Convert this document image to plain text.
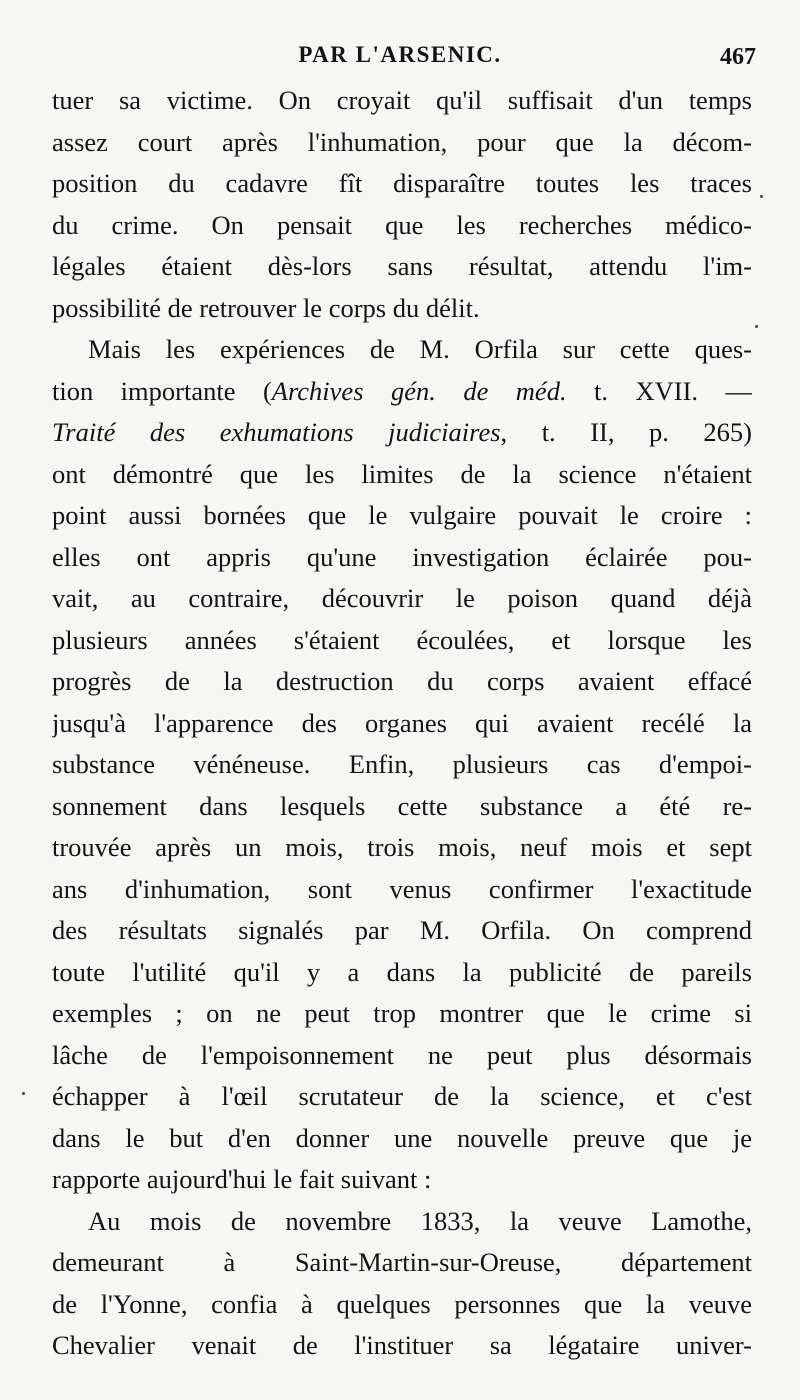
PAR L'ARSENIC.	467
tuer sa victime. On croyait qu'il suffisait d'un temps
assez court après l'inhumation, pour que la décom-
position du cadavre fît disparaître toutes les traces
du crime. On pensait que les recherches médico-
légales étaient dès-lors sans résultat, attendu l'im-
possibilité de retrouver le corps du délit.
Mais les expériences de M. Orfila sur cette ques-
tion importante (Archives gén. de méd. t. XVII. —
Traité des exhumations judiciaires, t. II, p. 265)
ont démontré que les limites de la science n'étaient
point aussi bornées que le vulgaire pouvait le croire :
elles ont appris qu'une investigation éclairée pou-
vait, au contraire, découvrir le poison quand déjà
plusieurs années s'étaient écoulées, et lorsque les
progrès de la destruction du corps avaient effacé
jusqu'à l'apparence des organes qui avaient recélé la
substance vénéneuse. Enfin, plusieurs cas d'empoi-
sonnement dans lesquels cette substance a été re-
trouvée après un mois, trois mois, neuf mois et sept
ans d'inhumation, sont venus confirmer l'exactitude
des résultats signalés par M. Orfila. On comprend
toute l'utilité qu'il y a dans la publicité de pareils
exemples ; on ne peut trop montrer que le crime si
lâche de l'empoisonnement ne peut plus désormais
échapper à l'œil scrutateur de la science, et c'est
dans le but d'en donner une nouvelle preuve que je
rapporte aujourd'hui le fait suivant :
Au mois de novembre 1833, la veuve Lamothe,
demeurant à Saint-Martin-sur-Oreuse, département
de l'Yonne, confia à quelques personnes que la veuve
Chevalier venait de l'instituer sa légataire univer-
